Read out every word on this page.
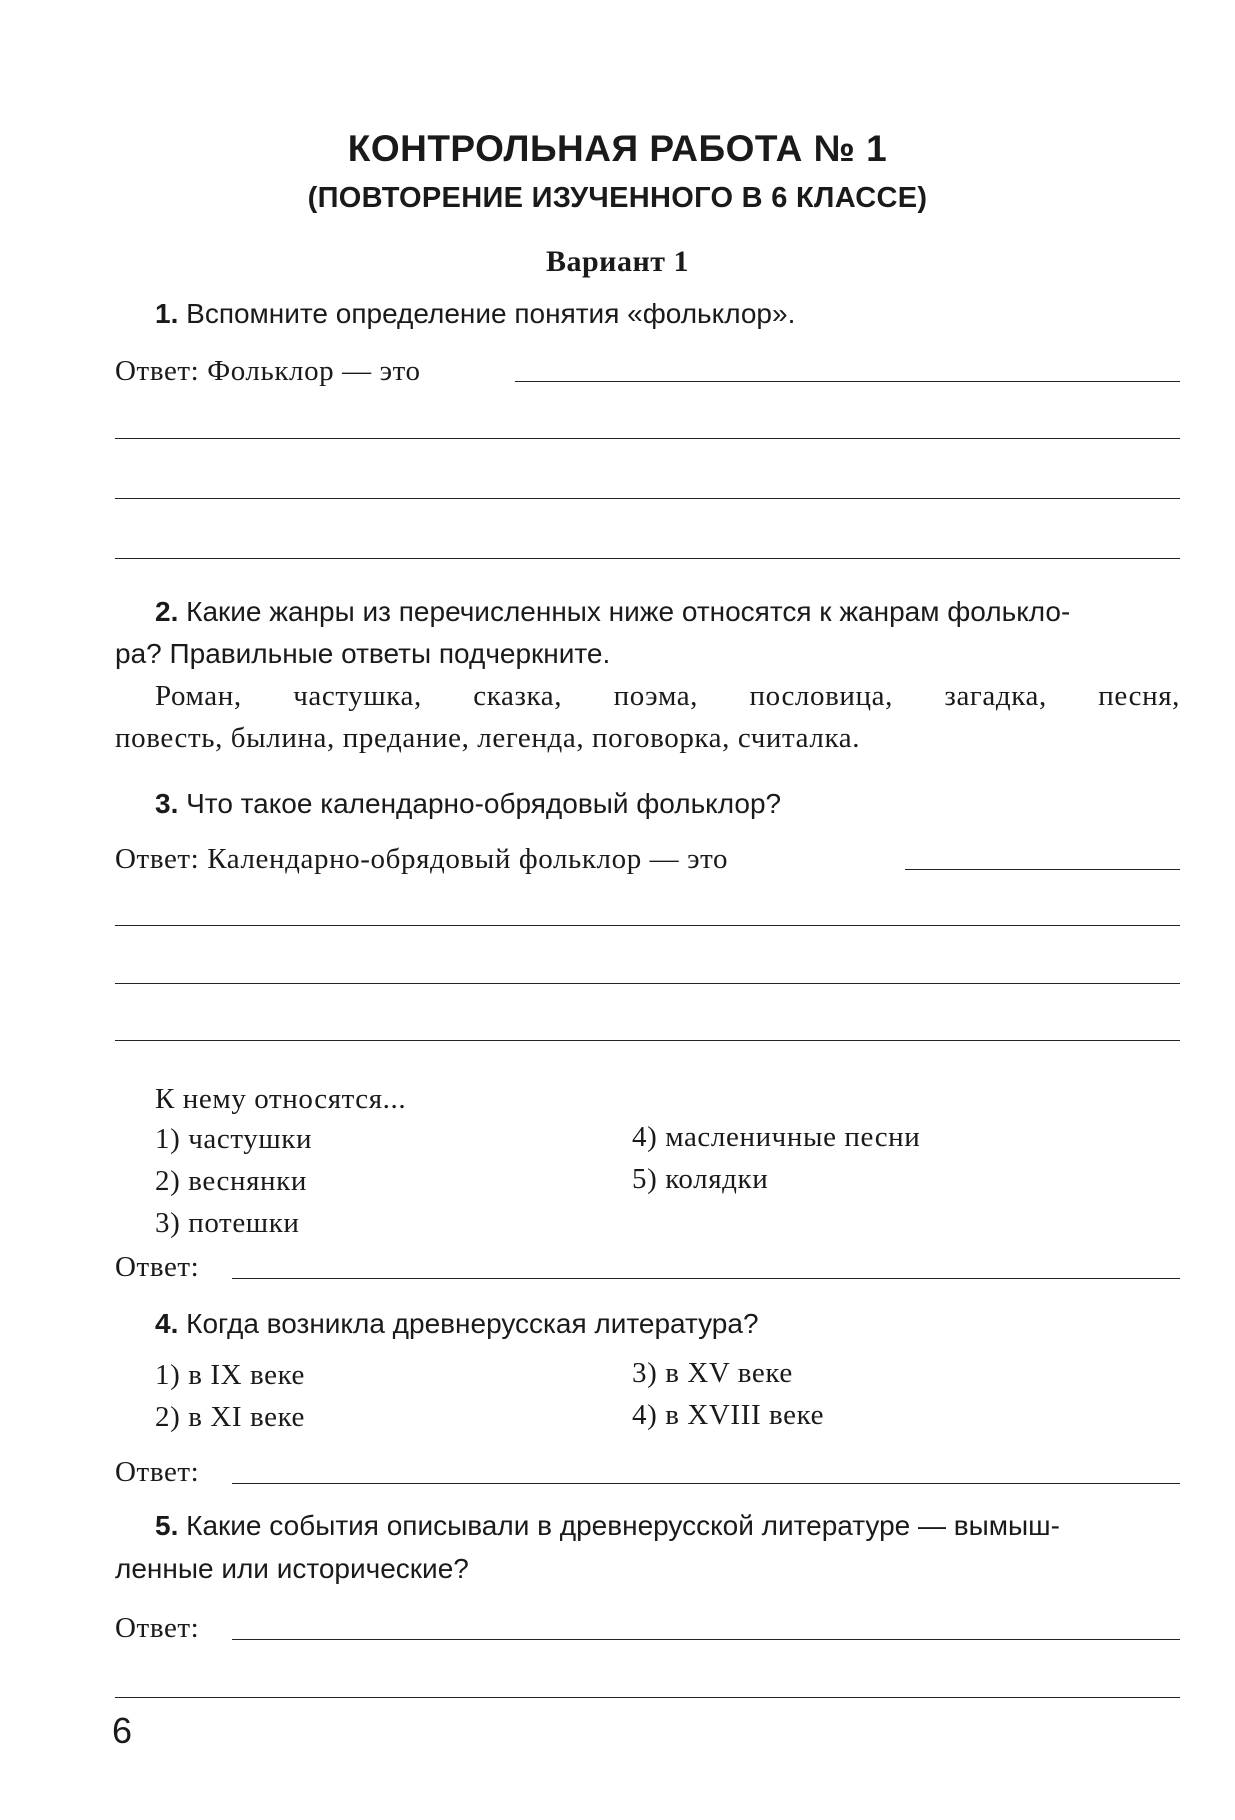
КОНТРОЛЬНАЯ РАБОТА № 1
(ПОВТОРЕНИЕ ИЗУЧЕННОГО В 6 КЛАССЕ)
Вариант 1
1. Вспомните определение понятия «фольклор».
Ответ: Фольклор — это
2. Какие жанры из перечисленных ниже относятся к жанрам фолькло-
ра? Правильные ответы подчеркните.
Роман, частушка, сказка, поэма, пословица, загадка, песня,
повесть, былина, предание, легенда, поговорка, считалка.
3. Что такое календарно-обрядовый фольклор?
Ответ: Календарно-обрядовый фольклор — это
К нему относятся...
1) частушки
2) веснянки
3) потешки
4) масленичные песни
5) колядки
Ответ:
4. Когда возникла древнерусская литература?
1) в IX веке
2) в XI веке
3) в XV веке
4) в XVIII веке
Ответ:
5. Какие события описывали в древнерусской литературе — вымыш-
ленные или исторические?
Ответ:
6
